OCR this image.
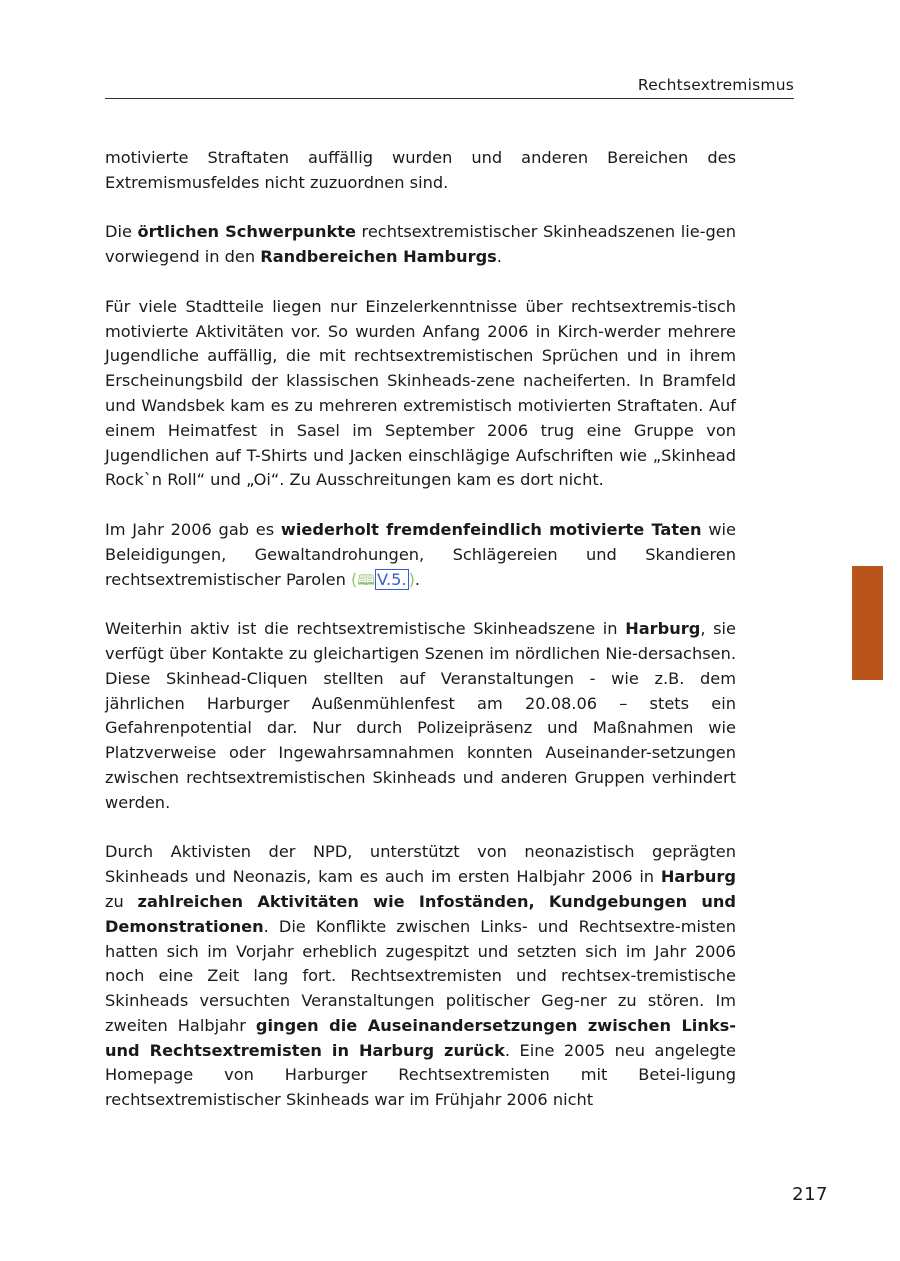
Rechtsextremismus

motivierte Straftaten auffällig wurden und anderen Bereichen des Extremismusfeldes nicht zuzuordnen sind.

Die örtlichen Schwerpunkte rechtsextremistischer Skinheadszenen lie-gen vorwiegend in den Randbereichen Hamburgs.

Für viele Stadtteile liegen nur Einzelerkenntnisse über rechtsextremis-tisch motivierte Aktivitäten vor. So wurden Anfang 2006 in Kirch-werder mehrere Jugendliche auffällig, die mit rechtsextremistischen Sprüchen und in ihrem Erscheinungsbild der klassischen Skinheads-zene nacheiferten. In Bramfeld und Wandsbek kam es zu mehreren extremistisch motivierten Straftaten. Auf einem Heimatfest in Sasel im September 2006 trug eine Gruppe von Jugendlichen auf T-Shirts und Jacken einschlägige Aufschriften wie „Skinhead Rock`n Roll“ und „Oi“. Zu Ausschreitungen kam es dort nicht.

Im Jahr 2006 gab es wiederholt fremdenfeindlich motivierte Taten wie Beleidigungen, Gewaltandrohungen, Schlägereien und Skandieren rechtsextremistischer Parolen (🕮 V.5. ).

Weiterhin aktiv ist die rechtsextremistische Skinheadszene in Harburg, sie verfügt über Kontakte zu gleichartigen Szenen im nördlichen Nie-dersachsen. Diese Skinhead-Cliquen stellten auf Veranstaltungen - wie z.B. dem jährlichen Harburger Außenmühlenfest am 20.08.06 – stets ein Gefahrenpotential dar. Nur durch Polizeipräsenz und Maßnahmen wie Platzverweise oder Ingewahrsamnahmen konnten Auseinander-setzungen zwischen rechtsextremistischen Skinheads und anderen Gruppen verhindert werden.

Durch Aktivisten der NPD, unterstützt von neonazistisch geprägten Skinheads und Neonazis, kam es auch im ersten Halbjahr 2006 in Harburg zu zahlreichen Aktivitäten wie Infoständen, Kundgebungen und Demonstrationen. Die Konflikte zwischen Links- und Rechtsextre-misten hatten sich im Vorjahr erheblich zugespitzt und setzten sich im Jahr 2006 noch eine Zeit lang fort. Rechtsextremisten und rechtsex-tremistische Skinheads versuchten Veranstaltungen politischer Geg-ner zu stören. Im zweiten Halbjahr gingen die Auseinandersetzungen zwischen Links- und Rechtsextremisten in Harburg zurück. Eine 2005 neu angelegte Homepage von Harburger Rechtsextremisten mit Betei-ligung rechtsextremistischer Skinheads war im Frühjahr 2006 nicht

217
